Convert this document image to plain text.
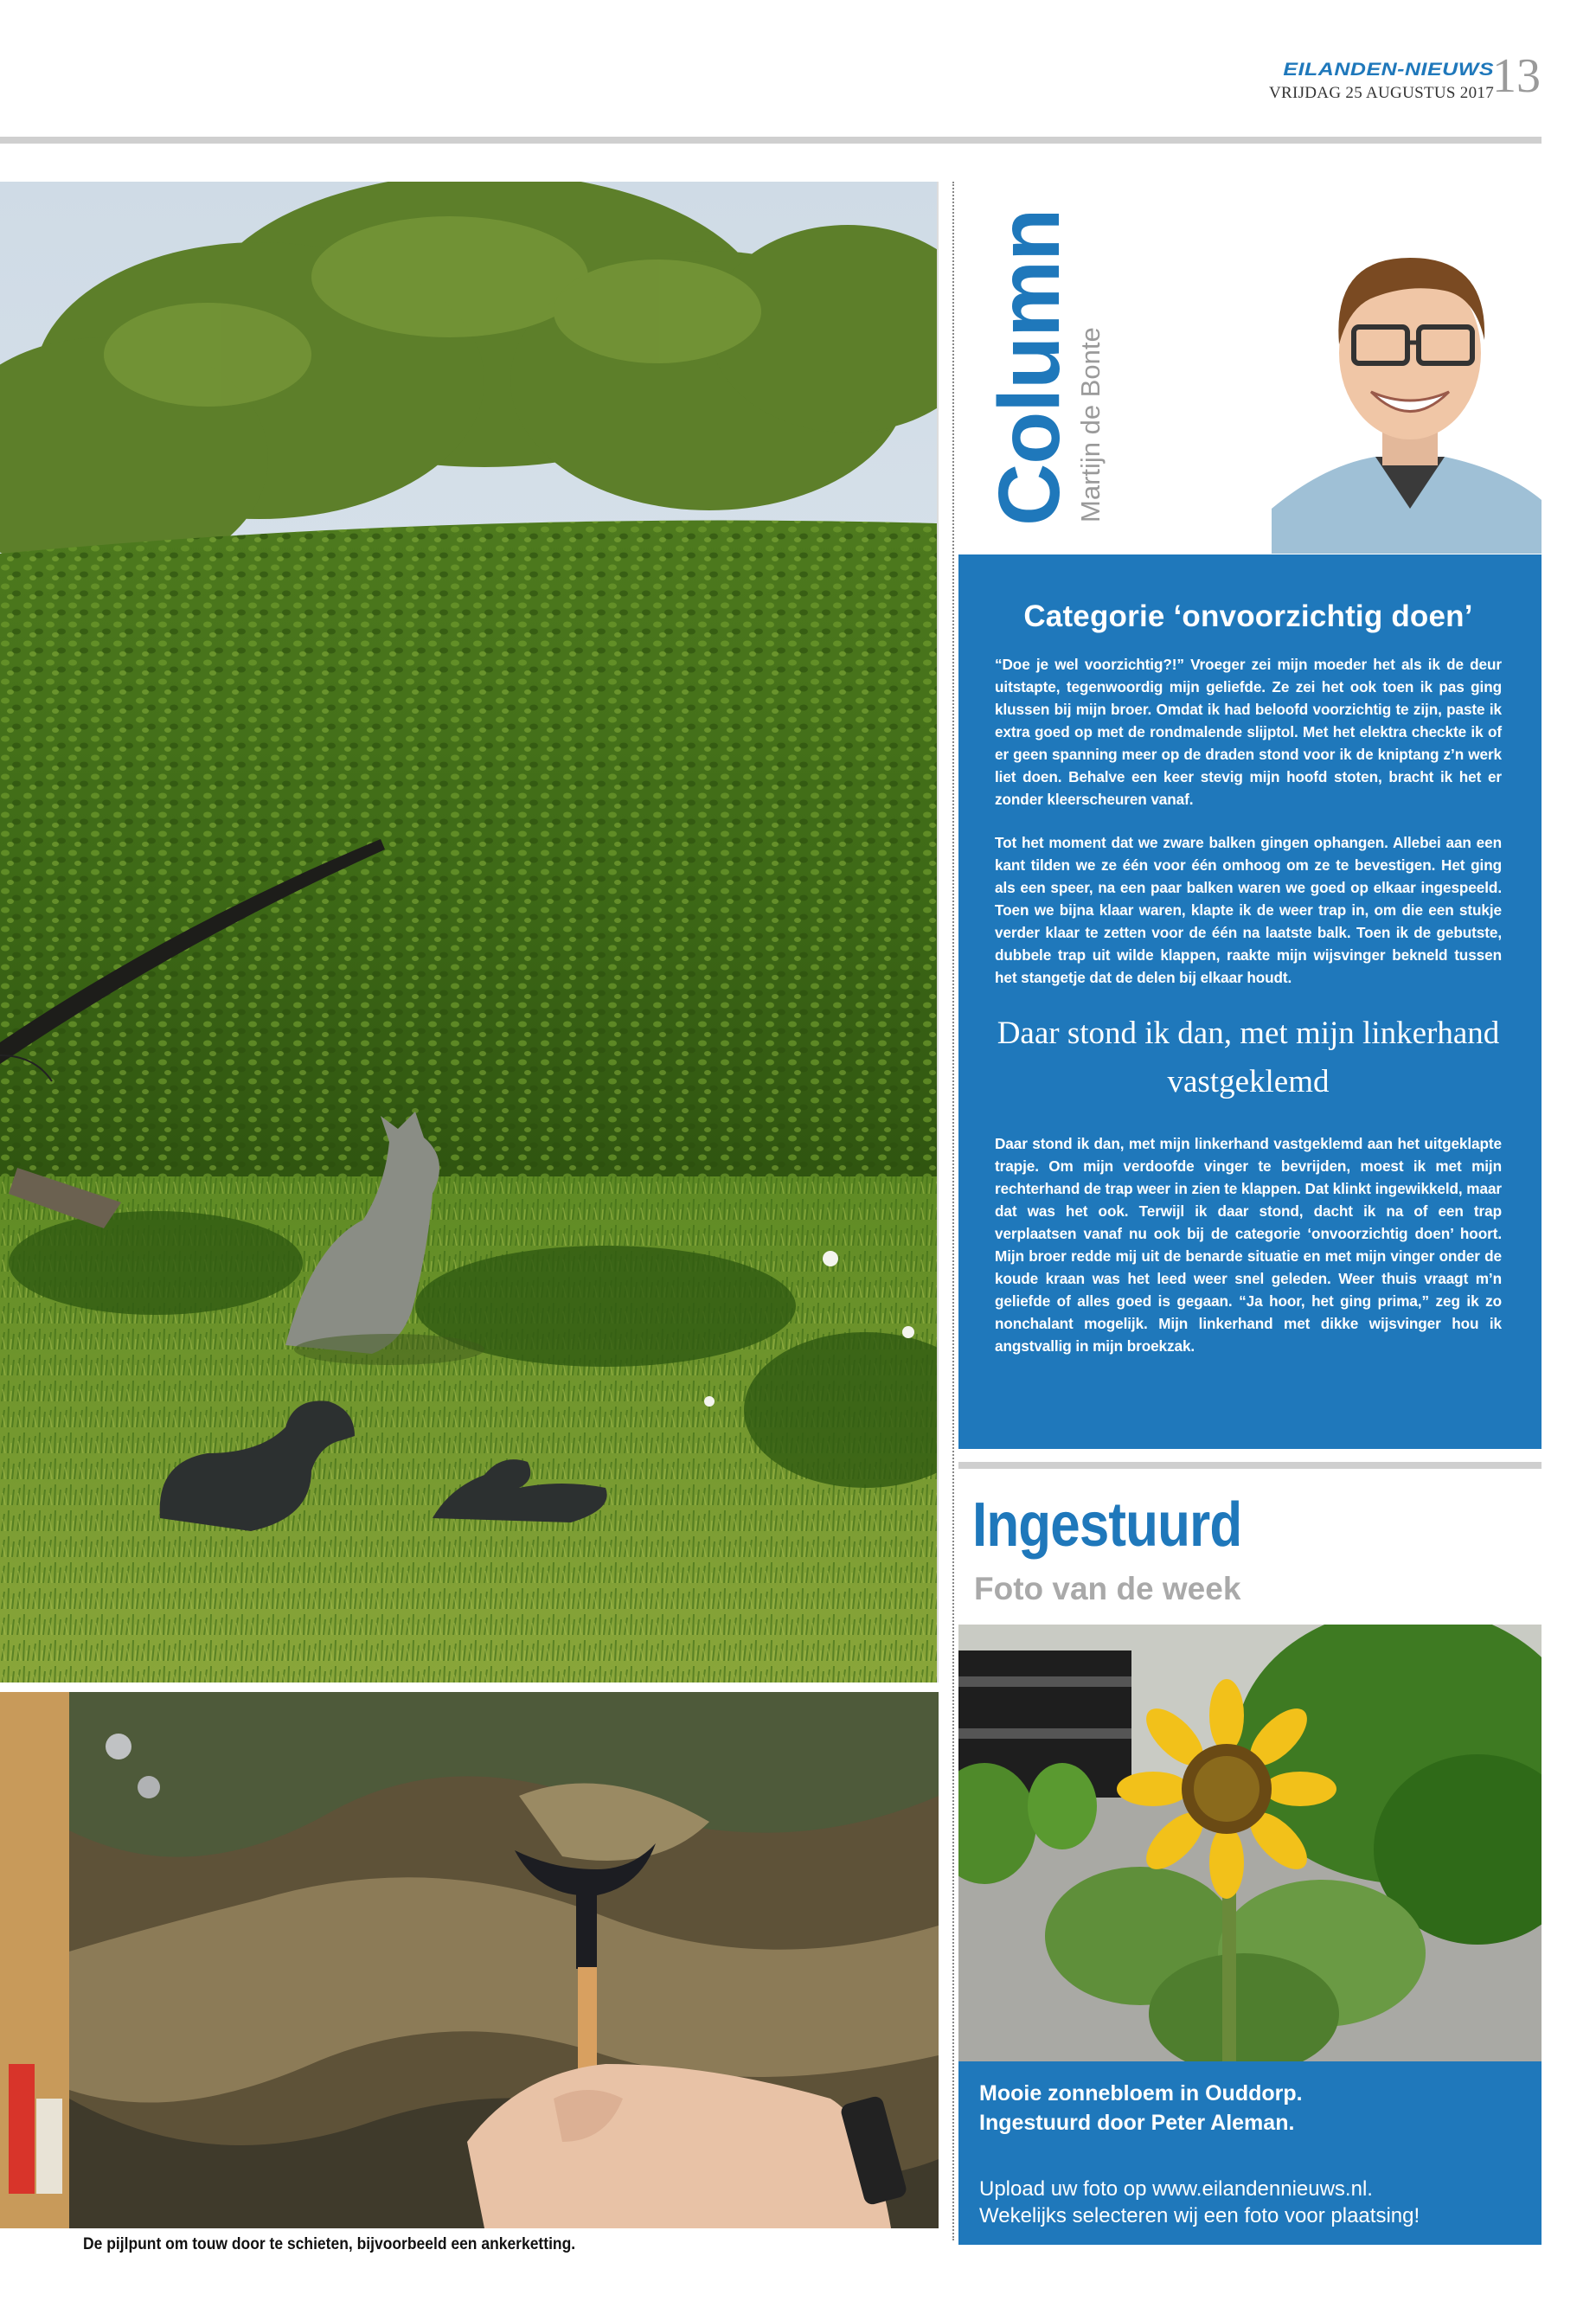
EILANDEN-NIEUWS
VRIJDAG 25 AUGUSTUS 2017
13
De pijlpunt om touw door te schieten, bijvoorbeeld een ankerketting.
Column
Martijn de Bonte
Categorie ‘onvoorzichtig doen’

“Doe je wel voorzichtig?!” Vroeger zei mijn moeder het als ik de deur uitstapte, tegenwoordig mijn geliefde. Ze zei het ook toen ik pas ging klussen bij mijn broer. Omdat ik had beloofd voorzichtig te zijn, paste ik extra goed op met de rondmalende slijptol. Met het elektra checkte ik of er geen spanning meer op de draden stond voor ik de kniptang z’n werk liet doen. Behalve een keer stevig mijn hoofd stoten, bracht ik het er zonder kleerscheuren vanaf.

Tot het moment dat we zware balken gingen ophangen. Allebei aan een kant tilden we ze één voor één omhoog om ze te bevestigen. Het ging als een speer, na een paar balken waren we goed op elkaar ingespeeld. Toen we bijna klaar waren, klapte ik de weer trap in, om die een stukje verder klaar te zetten voor de één na laatste balk. Toen ik de gebutste, dubbele trap uit wilde klappen, raakte mijn wijsvinger bekneld tussen het stangetje dat de delen bij elkaar houdt.

Daar stond ik dan, met mijn linkerhand vastgeklemd

Daar stond ik dan, met mijn linkerhand vastgeklemd aan het uitgeklapte trapje. Om mijn verdoofde vinger te bevrijden, moest ik met mijn rechterhand de trap weer in zien te klappen. Dat klinkt ingewikkeld, maar dat was het ook. Terwijl ik daar stond, dacht ik na of een trap verplaatsen vanaf nu ook bij de categorie ‘onvoorzichtig doen’ hoort. Mijn broer redde mij uit de benarde situatie en met mijn vinger onder de koude kraan was het leed weer snel geleden. Weer thuis vraagt m’n geliefde of alles goed is gegaan. “Ja hoor, het ging prima,” zeg ik zo nonchalant mogelijk. Mijn linkerhand met dikke wijsvinger hou ik angstvallig in mijn broekzak.

Ingestuurd
Foto van de week
Mooie zonnebloem in Ouddorp.
Ingestuurd door Peter Aleman.
Upload uw foto op www.eilandennieuws.nl.
Wekelijks selecteren wij een foto voor plaatsing!
